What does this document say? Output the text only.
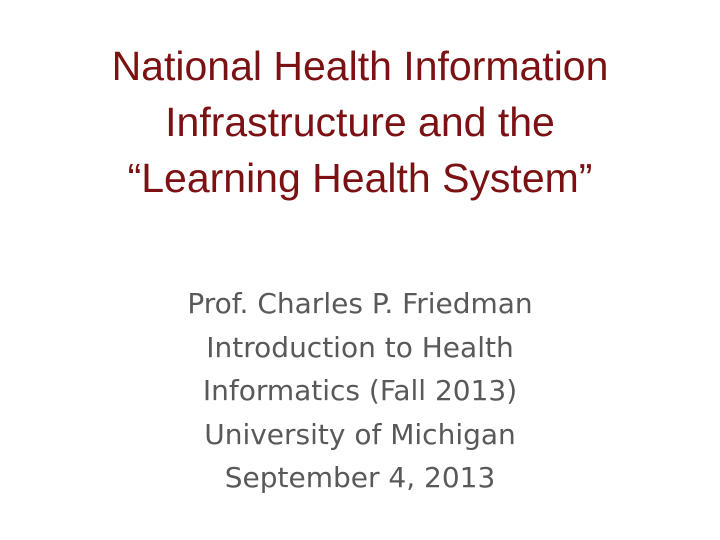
National Health Information
Infrastructure and the
“Learning Health System”
Prof. Charles P. Friedman
Introduction to Health
Informatics (Fall 2013)
University of Michigan
September 4, 2013
